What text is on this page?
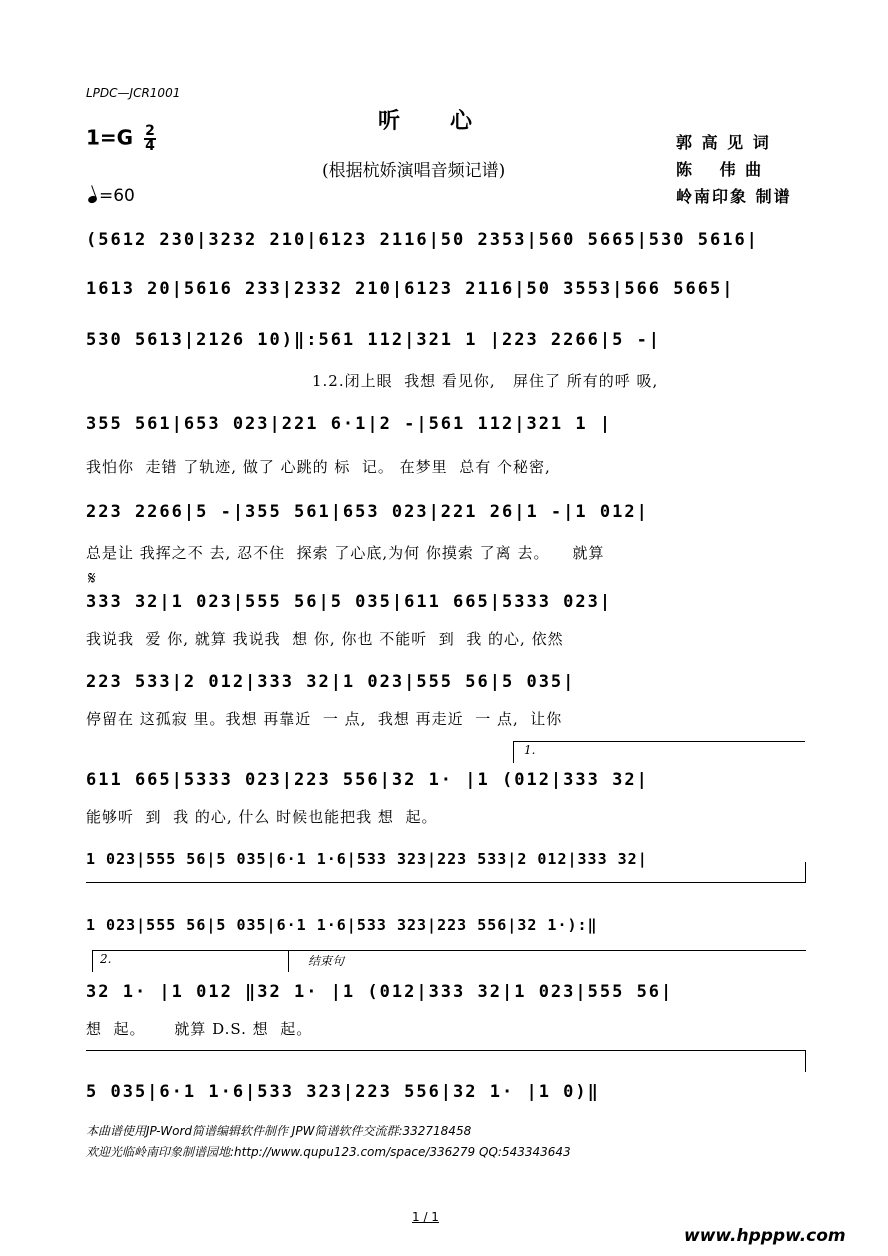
LPDC—JCR1001
听　　心
(根据杭娇演唱音频记谱)
$1=G \frac{2}{4}$
=60
郭 高 见 词
陈　 伟 曲
岭南印象 制谱
(5612 230|3232 210|6123 2116|50 2353|560 5665|530 5616|
1613 20|5616 233|2332 210|6123 2116|50 3553|566 5665|
530 5613|2126 10)‖:561 112|321 1 |223 2266|5 -|
1.2.闭上眼  我想 看见你,   屏住了 所有的呼 吸,
355 561|653 023|221 6·1|2 -|561 112|321 1 |
我怕你  走错 了轨迹, 做了 心跳的 标  记。 在梦里  总有 个秘密,
223 2266|5 -|355 561|653 023|221 26|1 -|1 012|
总是让 我挥之不 去, 忍不住  探索 了心底,为何 你摸索 了离 去。    就算
𝄋
333 32|1 023|555 56|5 035|611 665|5333 023|
我说我  爱 你, 就算 我说我  想 你, 你也 不能听  到  我 的心, 依然
223 533|2 012|333 32|1 023|555 56|5 035|
停留在 这孤寂 里。我想 再靠近  一 点,  我想 再走近  一 点,  让你
1.
611 665|5333 023|223 556|32 1· |1 (012|333 32|
能够听  到  我 的心, 什么 时候也能把我 想  起。
1 023|555 56|5 035|6·1 1·6|533 323|223 533|2 012|333 32|
1 023|555 56|5 035|6·1 1·6|533 323|223 556|32 1·):‖
2.	结束句
32 1· |1 012 ‖32 1· |1 (012|333 32|1 023|555 56|
想  起。     就算 D.S. 想  起。
5 035|6·1 1·6|533 323|223 556|32 1· |1 0)‖
本曲谱使用JP-Word简谱编辑软件制作 JPW简谱软件交流群:332718458
欢迎光临岭南印象制谱园地:http://www.qupu123.com/space/336279 QQ:543343643
1 / 1
www.hpppw.com
